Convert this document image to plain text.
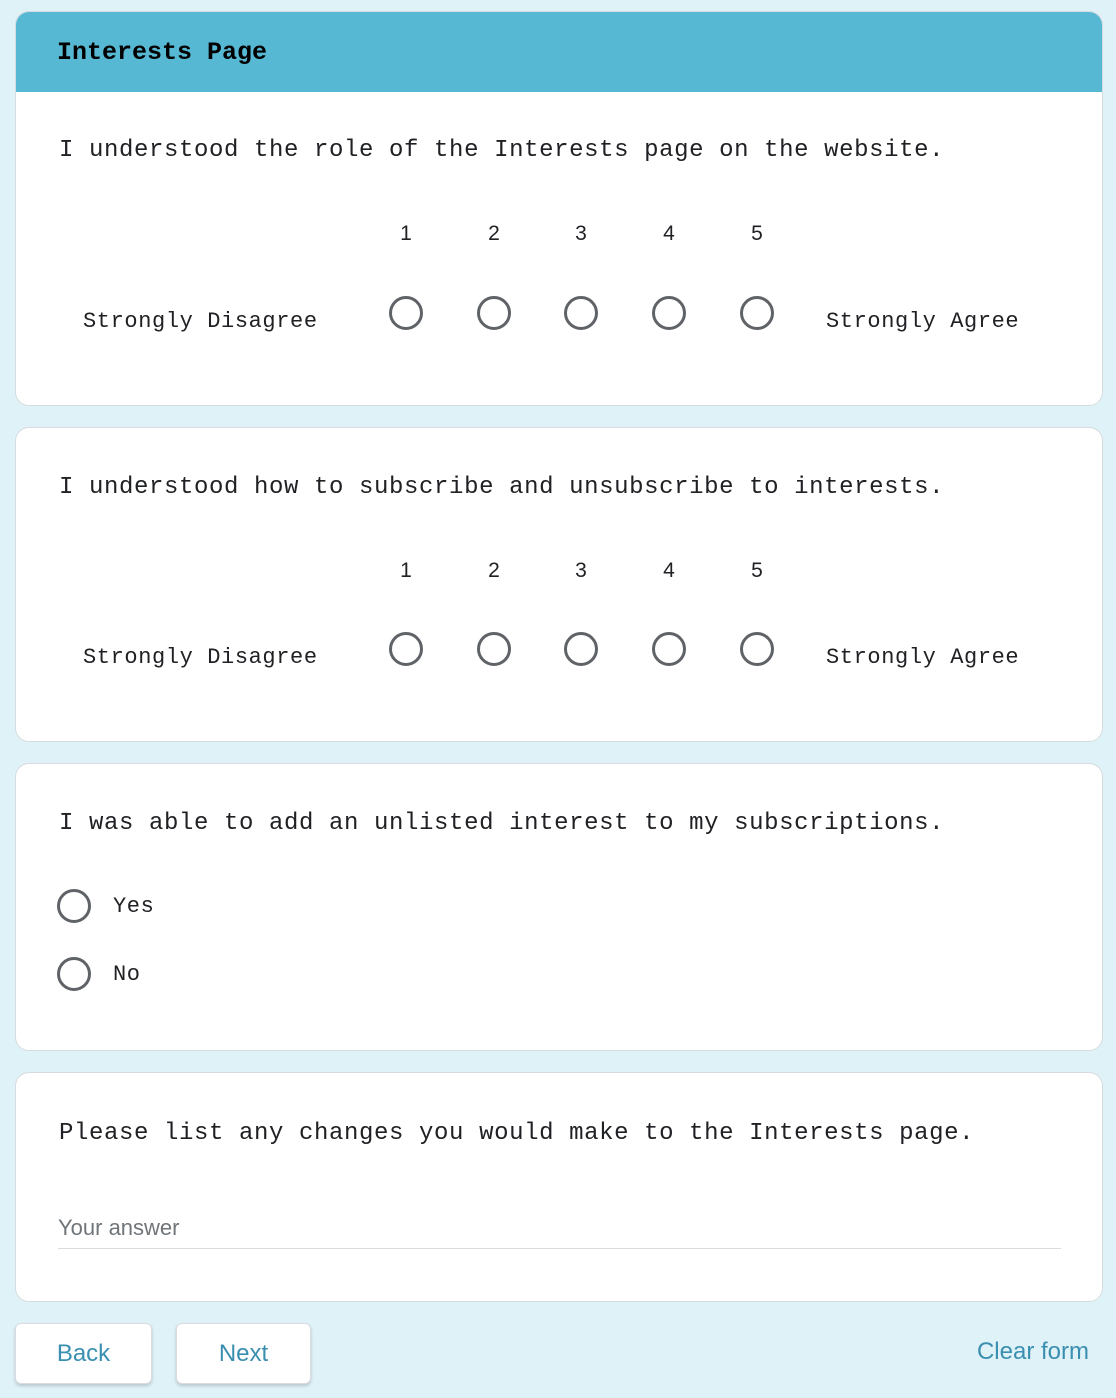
Interests Page
I understood the role of the Interests page on the website.
1	2	3	4	5
Strongly Disagree	Strongly Agree
I understood how to subscribe and unsubscribe to interests.
1	2	3	4	5
Strongly Disagree	Strongly Agree
I was able to add an unlisted interest to my subscriptions.
Yes
No
Please list any changes you would make to the Interests page.
Your answer
Back	Next	Clear form
